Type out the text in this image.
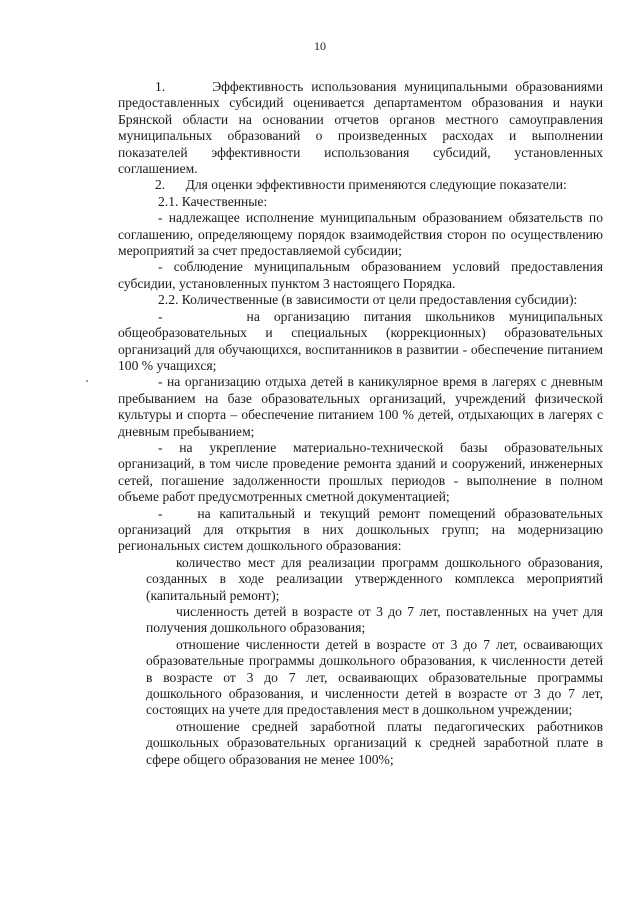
10

1.      Эффективность использования муниципальными образованиями предоставленных субсидий оценивается департаментом образования и науки Брянской области на основании отчетов органов местного самоуправления муниципальных образований о произведенных расходах и выполнении показателей эффективности использования субсидий, установленных соглашением.

2.      Для оценки эффективности применяются следующие показатели:

2.1. Качественные:

- надлежащее исполнение муниципальным образованием обязательств по соглашению, определяющему порядок взаимодействия сторон по осуществлению мероприятий за счет предоставляемой субсидии;

- соблюдение муниципальным образованием условий предоставления субсидии, установленных пунктом 3 настоящего Порядка.

2.2. Количественные (в зависимости от цели предоставления субсидии):

-      на организацию питания школьников муниципальных общеобразовательных и специальных (коррекционных) образовательных организаций для обучающихся, воспитанников в развитии - обеспечение питанием 100 % учащихся;

- на организацию отдыха детей в каникулярное время в лагерях с дневным пребыванием на базе образовательных организаций, учреждений физической культуры и спорта – обеспечение питанием 100 % детей, отдыхающих в лагерях с дневным пребыванием;

- на укрепление материально-технической базы образовательных организаций, в том числе проведение ремонта зданий и сооружений, инженерных сетей, погашение задолженности прошлых периодов - выполнение в полном объеме работ предусмотренных сметной документацией;

-    на капитальный и текущий ремонт помещений образовательных организаций для открытия в них дошкольных групп; на модернизацию региональных систем дошкольного образования:

количество мест для реализации программ дошкольного образования, созданных в ходе реализации утвержденного комплекса мероприятий (капитальный ремонт);

численность детей в возрасте от 3 до 7 лет, поставленных на учет для получения дошкольного образования;

отношение численности детей в возрасте от 3 до 7 лет, осваивающих образовательные программы дошкольного образования, к численности детей в возрасте от 3 до 7 лет, осваивающих образовательные программы дошкольного образования, и численности детей в возрасте от 3 до 7 лет, состоящих на учете для предоставления мест в дошкольном учреждении;

отношение средней заработной платы педагогических работников дошкольных образовательных организаций к средней заработной плате в сфере общего образования не менее 100%;
